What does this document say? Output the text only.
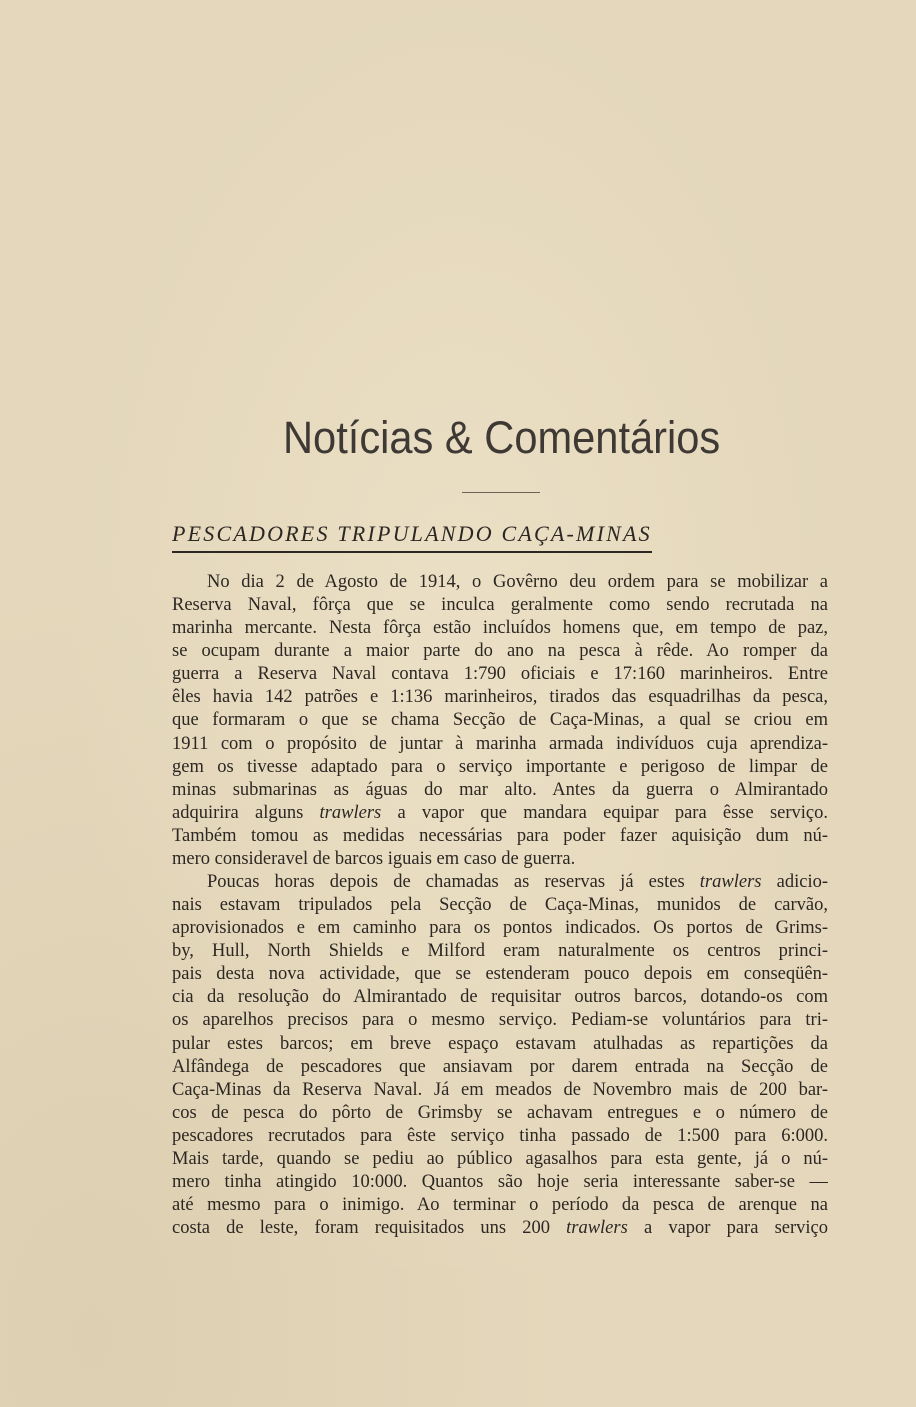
Notícias & Comentários
PESCADORES TRIPULANDO CAÇA-MINAS
No dia 2 de Agosto de 1914, o Govêrno deu ordem para se mobilizar a
Reserva Naval, fôrça que se inculca geralmente como sendo recrutada na
marinha mercante. Nesta fôrça estão incluídos homens que, em tempo de paz,
se ocupam durante a maior parte do ano na pesca à rêde. Ao romper da
guerra a Reserva Naval contava 1:790 oficiais e 17:160 marinheiros. Entre
êles havia 142 patrões e 1:136 marinheiros, tirados das esquadrilhas da pesca,
que formaram o que se chama Secção de Caça-Minas, a qual se criou em
1911 com o propósito de juntar à marinha armada indivíduos cuja aprendiza-
gem os tivesse adaptado para o serviço importante e perigoso de limpar de
minas submarinas as águas do mar alto. Antes da guerra o Almirantado
adquirira alguns trawlers a vapor que mandara equipar para êsse serviço.
Também tomou as medidas necessárias para poder fazer aquisição dum nú-
mero consideravel de barcos iguais em caso de guerra.
Poucas horas depois de chamadas as reservas já estes trawlers adicio-
nais estavam tripulados pela Secção de Caça-Minas, munidos de carvão,
aprovisionados e em caminho para os pontos indicados. Os portos de Grims-
by, Hull, North Shields e Milford eram naturalmente os centros princi-
pais desta nova actividade, que se estenderam pouco depois em conseqüên-
cia da resolução do Almirantado de requisitar outros barcos, dotando-os com
os aparelhos precisos para o mesmo serviço. Pediam-se voluntários para tri-
pular estes barcos; em breve espaço estavam atulhadas as repartições da
Alfândega de pescadores que ansiavam por darem entrada na Secção de
Caça-Minas da Reserva Naval. Já em meados de Novembro mais de 200 bar-
cos de pesca do pôrto de Grimsby se achavam entregues e o número de
pescadores recrutados para êste serviço tinha passado de 1:500 para 6:000.
Mais tarde, quando se pediu ao público agasalhos para esta gente, já o nú-
mero tinha atingido 10:000. Quantos são hoje seria interessante saber-se —
até mesmo para o inimigo. Ao terminar o período da pesca de arenque na
costa de leste, foram requisitados uns 200 trawlers a vapor para serviço
